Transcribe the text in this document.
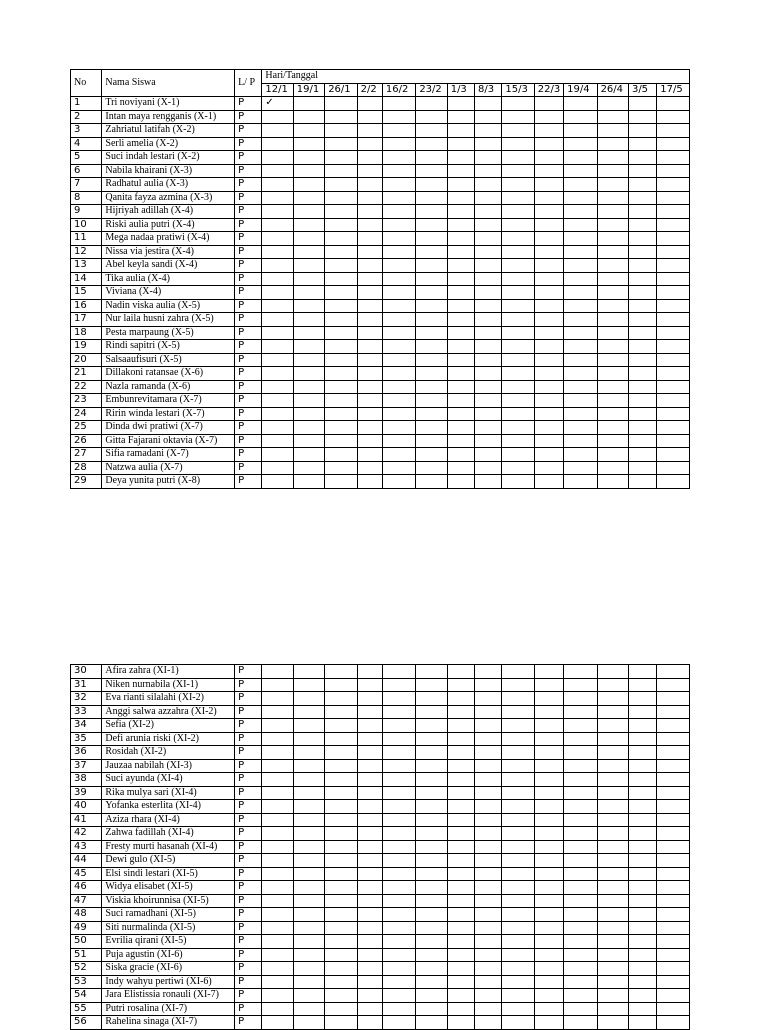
No	Nama Siswa	L/ P	Hari/Tanggal													
			12/1	19/1	26/1	2/2	16/2	23/2	1/3	8/3	15/3	22/3	19/4	26/4	3/5	17/5
1	Tri noviyani (X-1)	P	✓													
2	Intan maya rengganis (X-1)	P														
3	Zahriatul latifah (X-2)	P														
4	Serli amelia (X-2)	P														
5	Suci indah lestari (X-2)	P														
6	Nabila khairani (X-3)	P														
7	Radhatul aulia (X-3)	P														
8	Qanita fayza azmina (X-3)	P														
9	Hijriyah adillah (X-4)	P														
10	Riski aulia putri (X-4)	P														
11	Mega nadaa pratiwi (X-4)	P														
12	Nissa via jestira (X-4)	P														
13	Abel keyla sandi (X-4)	P														
14	Tika aulia (X-4)	P														
15	Viviana (X-4)	P														
16	Nadin viska aulia (X-5)	P														
17	Nur laila husni zahra (X-5)	P														
18	Pesta marpaung (X-5)	P														
19	Rindi sapitri (X-5)	P														
20	Salsaaufisuri (X-5)	P														
21	Dillakoni ratansae (X-6)	P														
22	Nazla ramanda (X-6)	P														
23	Embunrevitamara (X-7)	P														
24	Ririn winda lestari (X-7)	P														
25	Dinda dwi pratiwi (X-7)	P														
26	Gitta Fajarani oktavia (X-7)	P														
27	Sifia ramadani (X-7)	P														
28	Natzwa aulia (X-7)	P														
29	Deya yunita putri (X-8)	P														
30	Afira zahra (XI-1)	P														
31	Niken nurnabila (XI-1)	P														
32	Eva rianti silalahi (XI-2)	P														
33	Anggi salwa azzahra (XI-2)	P														
34	Sefia (XI-2)	P														
35	Defi arunia riski (XI-2)	P														
36	Rosidah (XI-2)	P														
37	Jauzaa nabilah (XI-3)	P														
38	Suci ayunda (XI-4)	P														
39	Rika mulya sari (XI-4)	P														
40	Yofanka esterlita (XI-4)	P														
41	Aziza rhara (XI-4)	P														
42	Zahwa fadillah (XI-4)	P														
43	Fresty murti hasanah (XI-4)	P														
44	Dewi gulo (XI-5)	P														
45	Elsi sindi lestari (XI-5)	P														
46	Widya elisabet (XI-5)	P														
47	Viskia khoirunnisa (XI-5)	P														
48	Suci ramadhani (XI-5)	P														
49	Siti nurmalinda (XI-5)	P														
50	Evrilia qirani (XI-5)	P														
51	Puja agustin (XI-6)	P														
52	Siska gracie (XI-6)	P														
53	Indy wahyu pertiwi (XI-6)	P														
54	Jara Elistissia ronauli (XI-7)	P														
55	Putri rosalina (XI-7)	P														
56	Rahelina sinaga (XI-7)	P														
